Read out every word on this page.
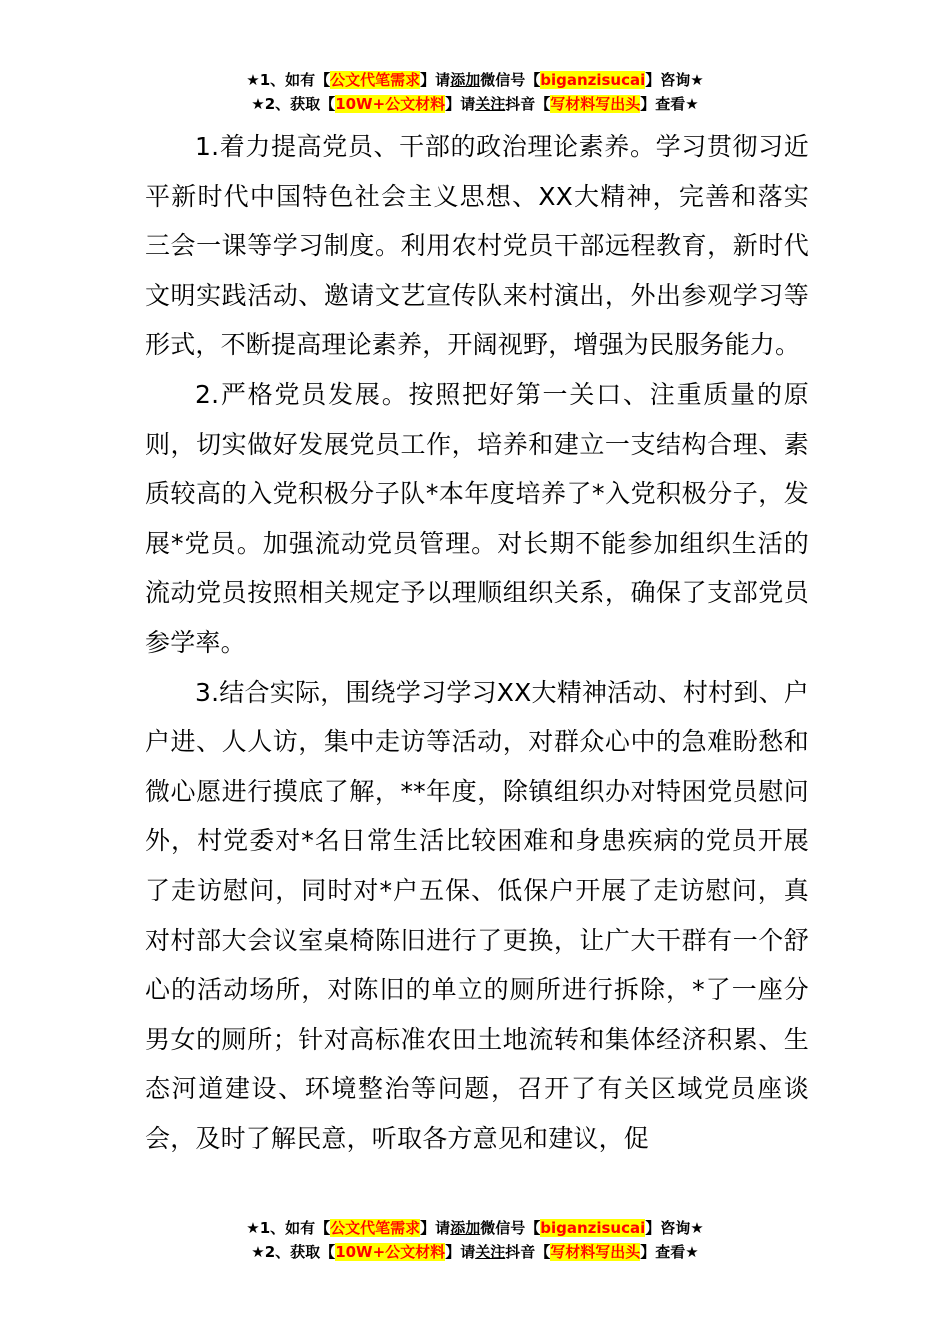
★1、如有【公文代笔需求】请添加微信号【biganzisucai】咨询★
★2、获取【10W+公文材料】请关注抖音【写材料写出头】查看★

1.着力提高党员、干部的政治理论素养。学习贯彻习近平新时代中国特色社会主义思想、XX大精神，完善和落实三会一课等学习制度。利用农村党员干部远程教育，新时代文明实践活动、邀请文艺宣传队来村演出，外出参观学习等形式，不断提高理论素养，开阔视野，增强为民服务能力。

2.严格党员发展。按照把好第一关口、注重质量的原则，切实做好发展党员工作，培养和建立一支结构合理、素质较高的入党积极分子队*本年度培养了*入党积极分子，发展*党员。加强流动党员管理。对长期不能参加组织生活的流动党员按照相关规定予以理顺组织关系，确保了支部党员参学率。

3.结合实际，围绕学习学习XX大精神活动、村村到、户户进、人人访，集中走访等活动，对群众心中的急难盼愁和微心愿进行摸底了解，**年度，除镇组织办对特困党员慰问外，村党委对*名日常生活比较困难和身患疾病的党员开展了走访慰问，同时对*户五保、低保户开展了走访慰问，真对村部大会议室桌椅陈旧进行了更换，让广大干群有一个舒心的活动场所，对陈旧的单立的厕所进行拆除，*了一座分男女的厕所；针对高标准农田土地流转和集体经济积累、生态河道建设、环境整治等问题，召开了有关区域党员座谈会，及时了解民意，听取各方意见和建议，促

★1、如有【公文代笔需求】请添加微信号【biganzisucai】咨询★
★2、获取【10W+公文材料】请关注抖音【写材料写出头】查看★
